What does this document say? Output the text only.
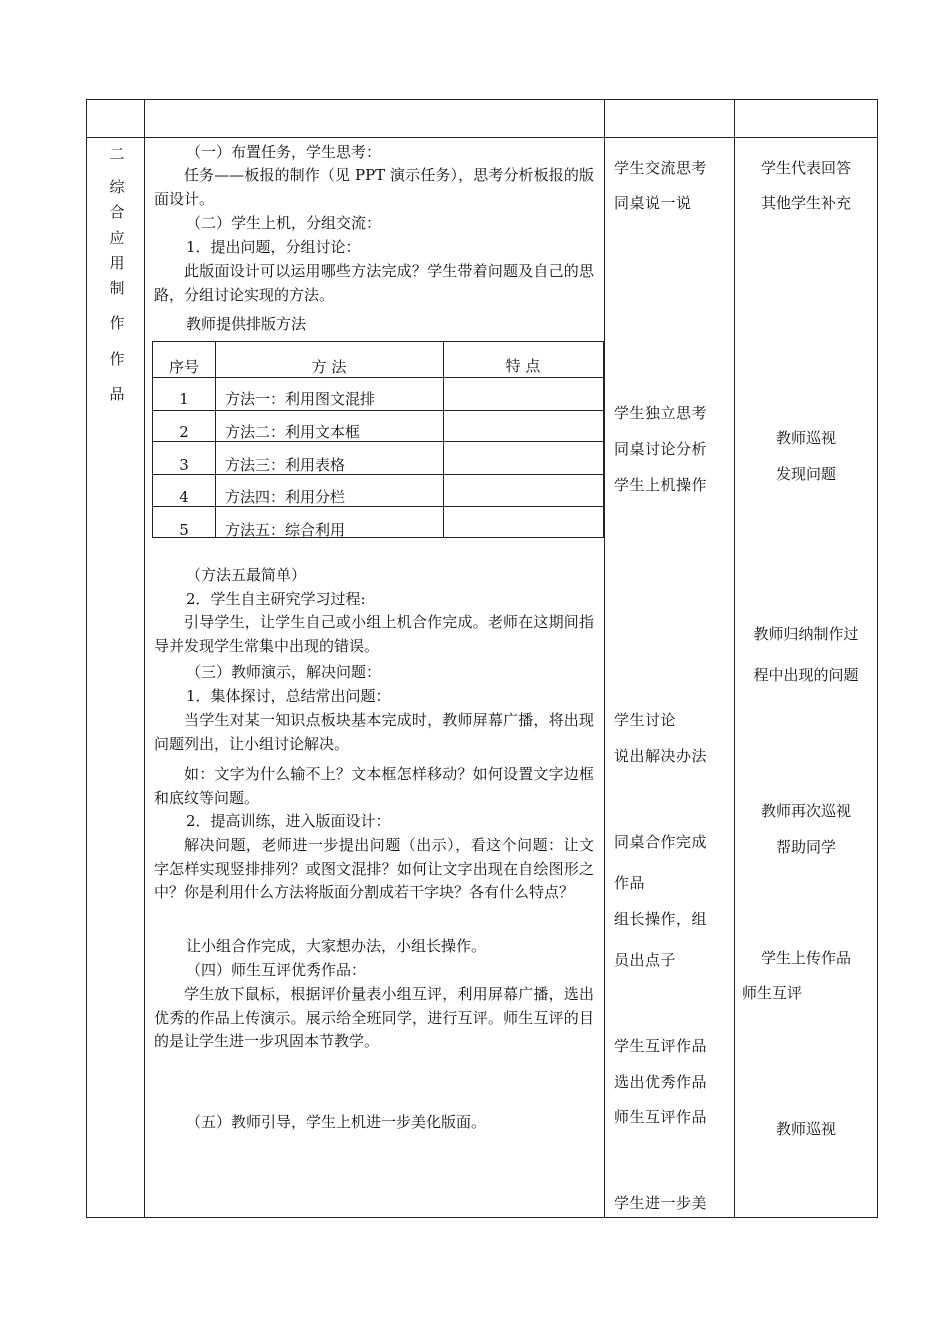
二
综
合
应
用
制
作
作
品
（一）布置任务，学生思考：
任务——板报的制作（见 PPT 演示任务），思考分析板报的版面设计。
（二）学生上机，分组交流：
1．提出问题，分组讨论：
此版面设计可以运用哪些方法完成？学生带着问题及自己的思路，分组讨论实现的方法。
教师提供排版方法
序号	方 法	特 点
1	方法一：利用图文混排
2	方法二：利用文本框
3	方法三：利用表格
4	方法四：利用分栏
5	方法五：综合利用
（方法五最简单）
2．学生自主研究学习过程:
引导学生，让学生自己或小组上机合作完成。老师在这期间指导并发现学生常集中出现的错误。
（三）教师演示，解决问题：
1．集体探讨，总结常出问题：
当学生对某一知识点板块基本完成时，教师屏幕广播，将出现问题列出，让小组讨论解决。
如：文字为什么输不上？文本框怎样移动？如何设置文字边框和底纹等问题。
2．提高训练，进入版面设计：
解决问题，老师进一步提出问题（出示），看这个问题：让文字怎样实现竖排排列？或图文混排？如何让文字出现在自绘图形之中？你是利用什么方法将版面分割成若干字块？各有什么特点？
让小组合作完成，大家想办法，小组长操作。
（四）师生互评优秀作品：
学生放下鼠标，根据评价量表小组互评，利用屏幕广播，选出优秀的作品上传演示。展示给全班同学，进行互评。师生互评的目的是让学生进一步巩固本节教学。
（五）教师引导，学生上机进一步美化版面。
学生交流思考
同桌说一说
学生独立思考
同桌讨论分析
学生上机操作
学生讨论
说出解决办法
同桌合作完成
作品
组长操作，组
员出点子
学生互评作品
选出优秀作品
师生互评作品
学生进一步美
学生代表回答
其他学生补充
教师巡视
发现问题
教师归纳制作过
程中出现的问题
教师再次巡视
帮助同学
学生上传作品
师生互评
教师巡视
